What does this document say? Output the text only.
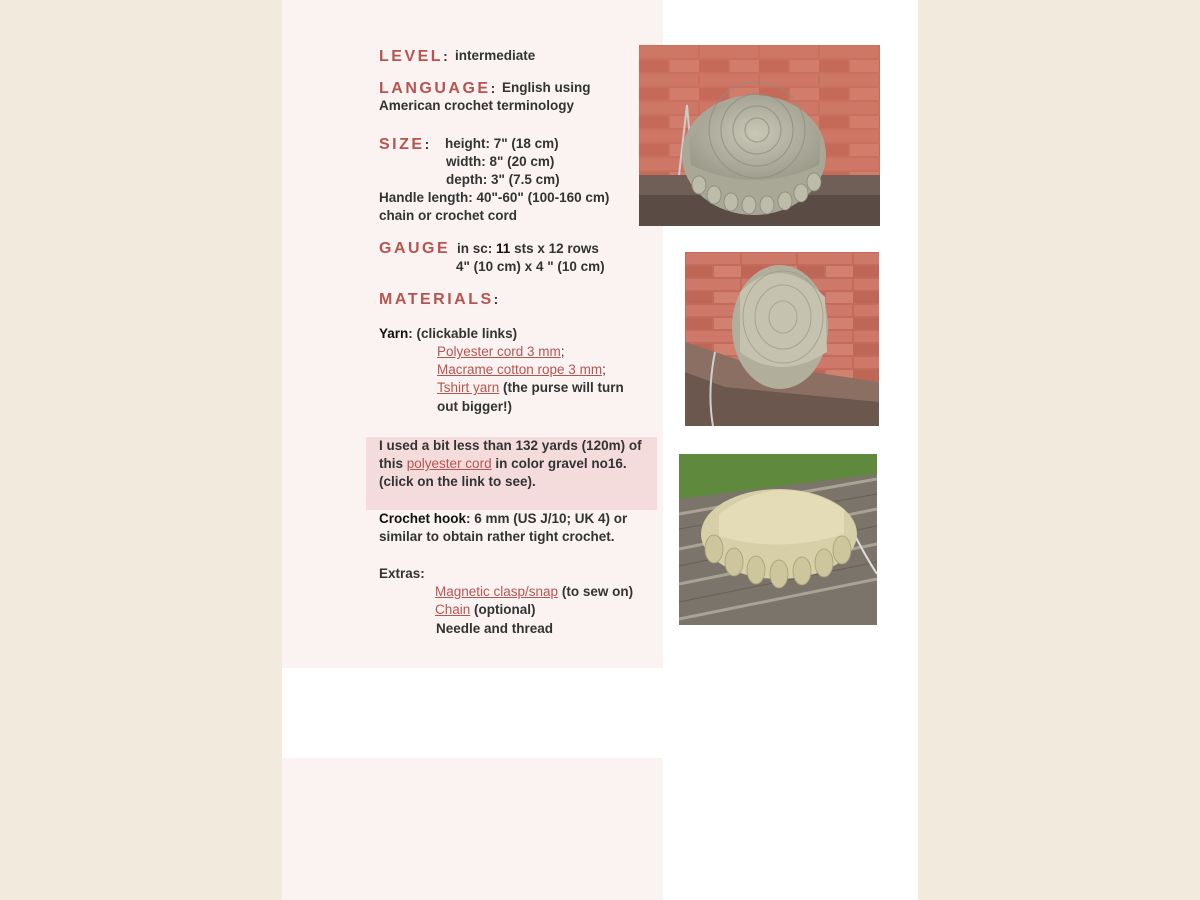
LEVEL: intermediate
LANGUAGE: English using
American crochet terminology
SIZE: height: 7" (18 cm)
width: 8" (20 cm)
depth: 3" (7.5 cm)
Handle length: 40"-60" (100-160 cm)
chain or crochet cord
GAUGE in sc: 11 sts x 12 rows
4" (10 cm) x 4 " (10 cm)
MATERIALS:
Yarn: (clickable links)
Polyester cord 3 mm;
Macrame cotton rope 3 mm;
Tshirt yarn (the purse will turn
out bigger!)
I used a bit less than 132 yards (120m) of
this polyester cord in color gravel no16.
(click on the link to see).
Crochet hook: 6 mm (US J/10; UK 4) or
similar to obtain rather tight crochet.
Extras:
Magnetic clasp/snap (to sew on)
Chain (optional)
Needle and thread
